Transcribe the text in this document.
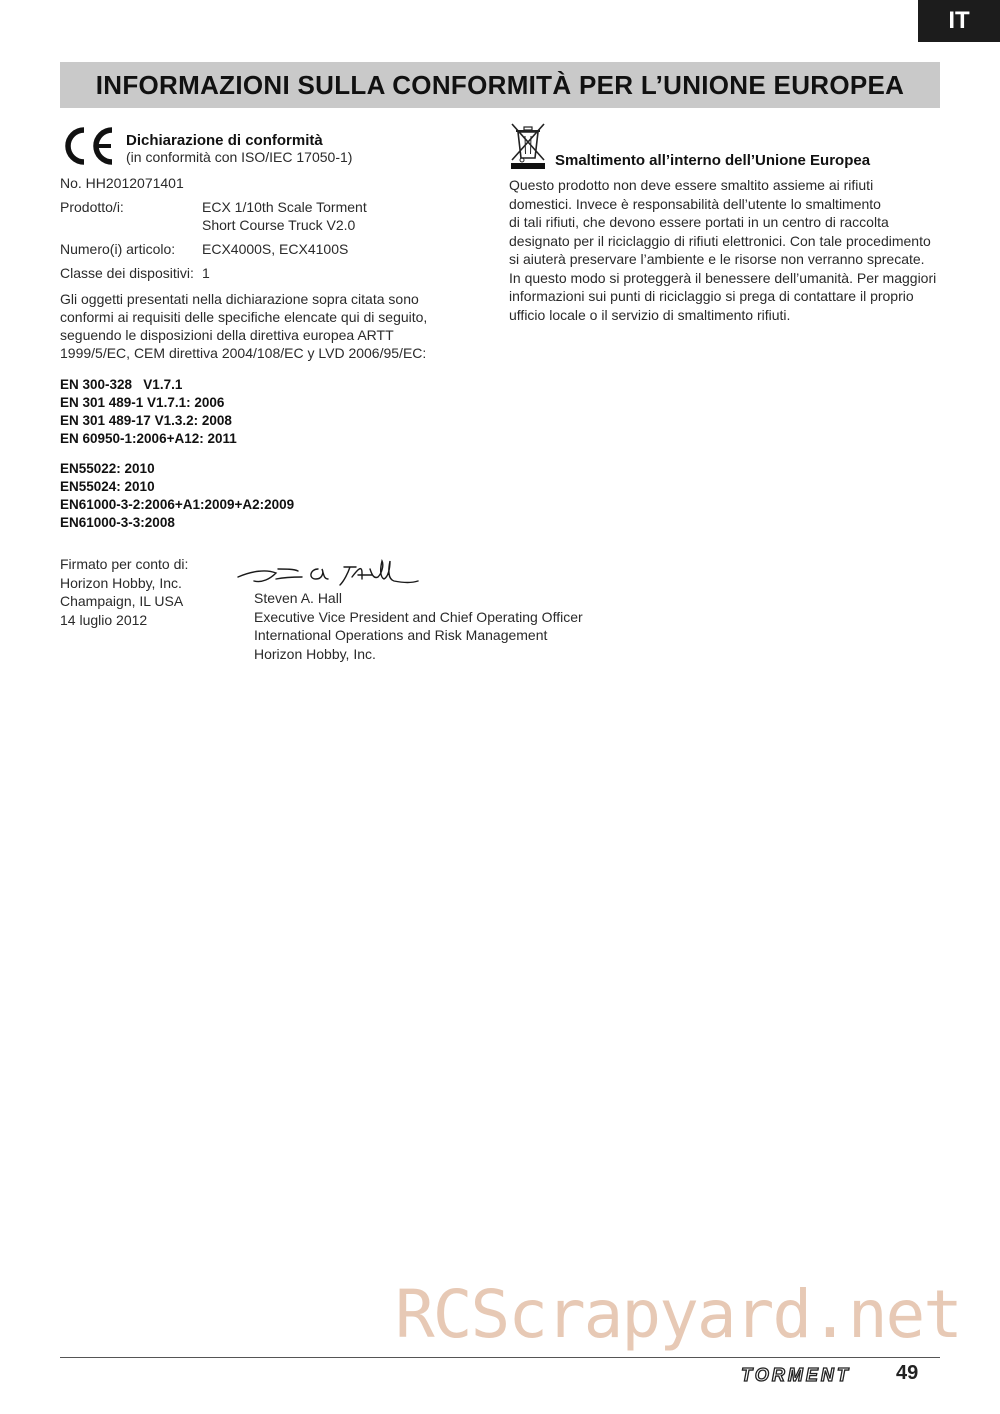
IT
INFORMAZIONI SULLA CONFORMITÀ PER L’UNIONE EUROPEA
Dichiarazione di conformità
(in conformità con ISO/IEC 17050-1)
No. HH2012071401
Prodotto/i:	ECX 1/10th Scale Torment
Short Course Truck V2.0
Numero(i) articolo:	ECX4000S, ECX4100S
Classe dei dispositivi: 1
Gli oggetti presentati nella dichiarazione sopra citata sono
conformi ai requisiti delle specifiche elencate qui di seguito,
seguendo le disposizioni della direttiva europea ARTT
1999/5/EC, CEM direttiva 2004/108/EC y LVD 2006/95/EC:
EN 300-328   V1.7.1
EN 301 489-1 V1.7.1: 2006
EN 301 489-17 V1.3.2: 2008
EN 60950-1:2006+A12: 2011
EN55022: 2010
EN55024: 2010
EN61000-3-2:2006+A1:2009+A2:2009
EN61000-3-3:2008
Firmato per conto di:
Horizon Hobby, Inc.
Champaign, IL USA
14 luglio 2012
Steven A. Hall
Executive Vice President and Chief Operating Officer
International Operations and Risk Management
Horizon Hobby, Inc.
Smaltimento all’interno dell’Unione Europea
Questo prodotto non deve essere smaltito assieme ai rifiuti
domestici. Invece è responsabilità dell’utente lo smaltimento
di tali rifiuti, che devono essere portati in un centro di raccolta
designato per il riciclaggio di rifiuti elettronici. Con tale procedimento
si aiuterà preservare l’ambiente e le risorse non verranno sprecate.
In questo modo si proteggerà il benessere dell’umanità. Per maggiori
informazioni sui punti di riciclaggio si prega di contattare il proprio
ufficio locale o il servizio di smaltimento rifiuti.
RCScrapyard.net
TORMENT 49
